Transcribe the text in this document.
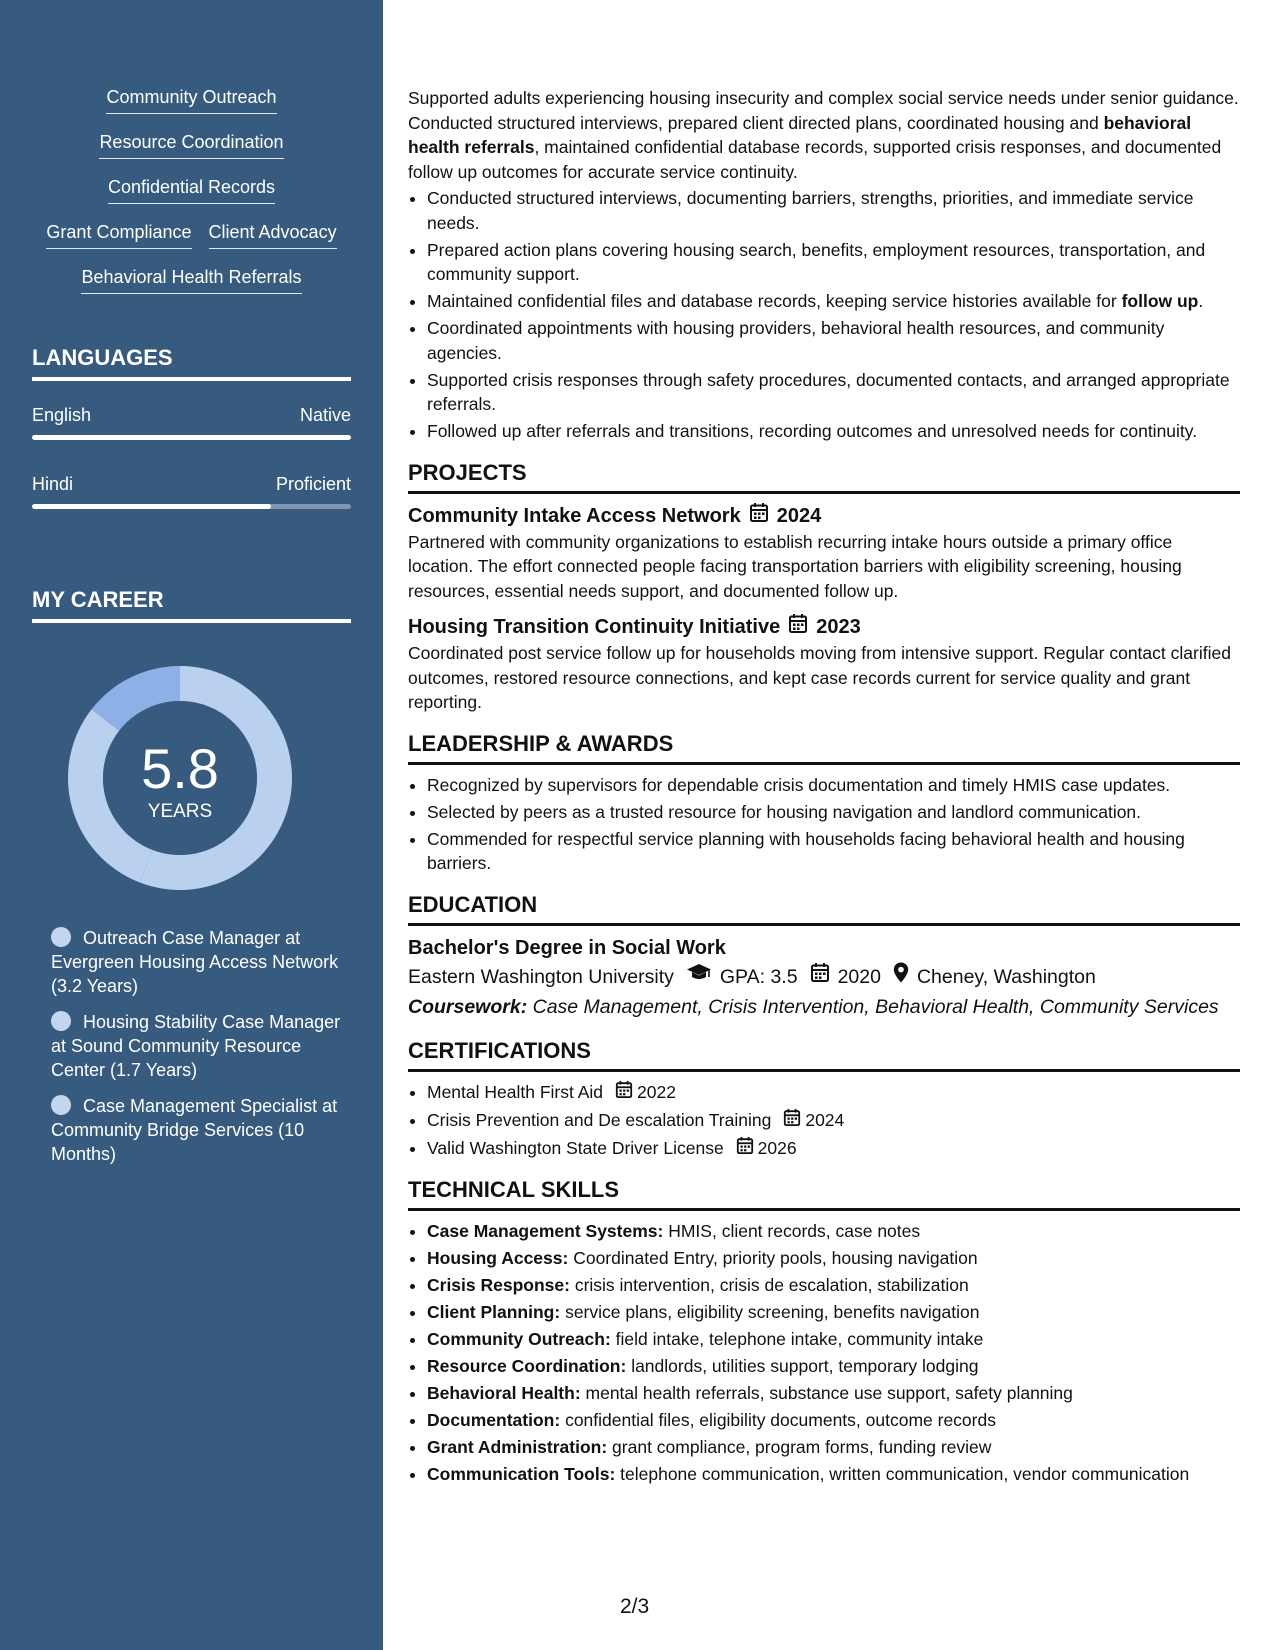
Community Outreach
Resource Coordination
Confidential Records
Grant Compliance Client Advocacy
Behavioral Health Referrals
LANGUAGES
English	Native
Hindi	Proficient
MY CAREER
5.8
YEARS
Outreach Case Manager at Evergreen Housing Access Network (3.2 Years)
Housing Stability Case Manager at Sound Community Resource Center (1.7 Years)
Case Management Specialist at Community Bridge Services (10 Months)

Supported adults experiencing housing insecurity and complex social service needs under senior guidance. Conducted structured interviews, prepared client directed plans, coordinated housing and behavioral health referrals, maintained confidential database records, supported crisis responses, and documented follow up outcomes for accurate service continuity.

• Conducted structured interviews, documenting barriers, strengths, priorities, and immediate service needs.
• Prepared action plans covering housing search, benefits, employment resources, transportation, and community support.
• Maintained confidential files and database records, keeping service histories available for follow up.
• Coordinated appointments with housing providers, behavioral health resources, and community agencies.
• Supported crisis responses through safety procedures, documented contacts, and arranged appropriate referrals.
• Followed up after referrals and transitions, recording outcomes and unresolved needs for continuity.
PROJECTS
Community Intake Access Network 2024

Partnered with community organizations to establish recurring intake hours outside a primary office location. The effort connected people facing transportation barriers with eligibility screening, housing resources, essential needs support, and documented follow up.

Housing Transition Continuity Initiative 2023

Coordinated post service follow up for households moving from intensive support. Regular contact clarified outcomes, restored resource connections, and kept case records current for service quality and grant reporting.

LEADERSHIP & AWARDS
• Recognized by supervisors for dependable crisis documentation and timely HMIS case updates.
• Selected by peers as a trusted resource for housing navigation and landlord communication.
• Commended for respectful service planning with households facing behavioral health and housing barriers.
EDUCATION
Bachelor's Degree in Social Work
Eastern Washington University GPA: 3.5 2020 Cheney, Washington
Coursework: Case Management, Crisis Intervention, Behavioral Health, Community Services
CERTIFICATIONS
• Mental Health First Aid 2022
• Crisis Prevention and De escalation Training 2024
• Valid Washington State Driver License 2026
TECHNICAL SKILLS
• Case Management Systems: HMIS, client records, case notes
• Housing Access: Coordinated Entry, priority pools, housing navigation
• Crisis Response: crisis intervention, crisis de escalation, stabilization
• Client Planning: service plans, eligibility screening, benefits navigation
• Community Outreach: field intake, telephone intake, community intake
• Resource Coordination: landlords, utilities support, temporary lodging
• Behavioral Health: mental health referrals, substance use support, safety planning
• Documentation: confidential files, eligibility documents, outcome records
• Grant Administration: grant compliance, program forms, funding review
• Communication Tools: telephone communication, written communication, vendor communication
2/3
